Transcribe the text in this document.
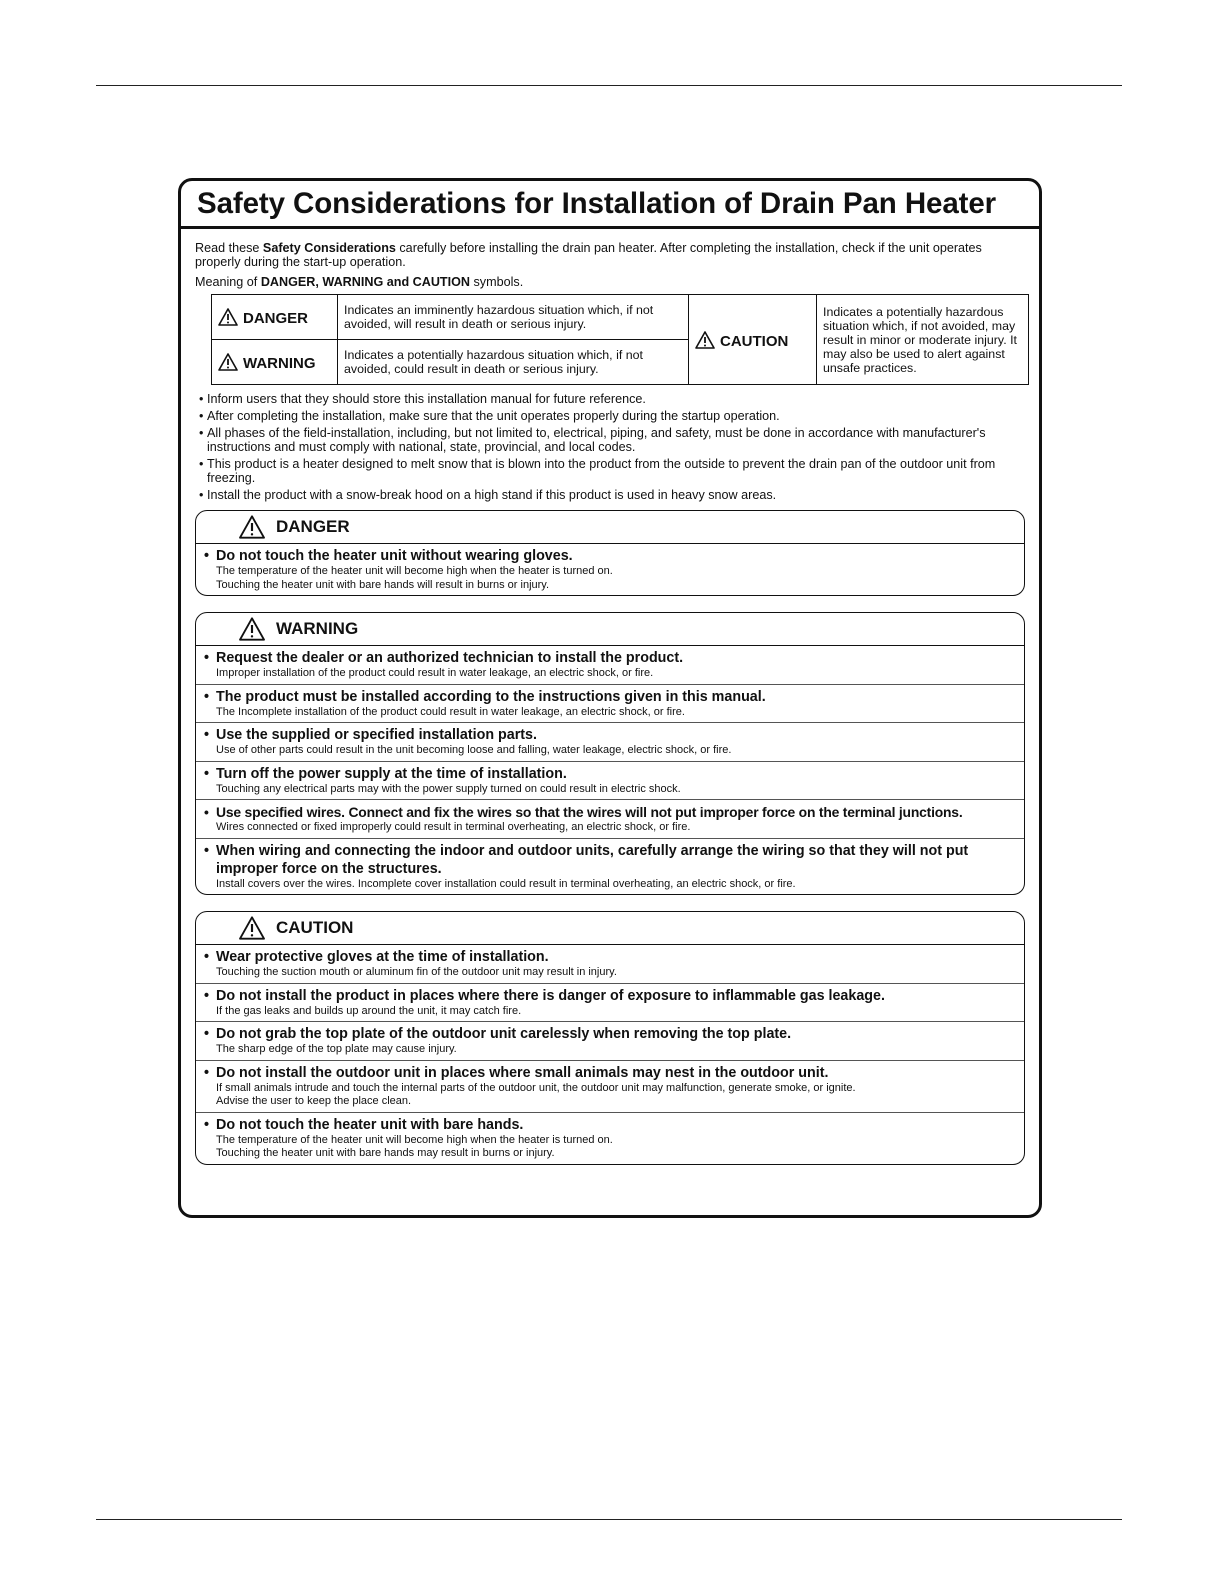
Safety Considerations for Installation of Drain Pan Heater

Read these Safety Considerations carefully before installing the drain pan heater. After completing the installation, check if the unit operates properly during the start-up operation.

Meaning of DANGER, WARNING and CAUTION symbols.

DANGER	Indicates an imminently hazardous situation which, if not avoided, will result in death or serious injury.	CAUTION	Indicates a potentially hazardous situation which, if not avoided, may result in minor or moderate injury. It may also be used to alert against unsafe practices.
WARNING	Indicates a potentially hazardous situation which, if not avoided, could result in death or serious injury.		
• Inform users that they should store this installation manual for future reference.
• After completing the installation, make sure that the unit operates properly during the startup operation.
• All phases of the field-installation, including, but not limited to, electrical, piping, and safety, must be done in accordance with manufacturer's instructions and must comply with national, state, provincial, and local codes.
• This product is a heater designed to melt snow that is blown into the product from the outside to prevent the drain pan of the outdoor unit from freezing.
• Install the product with a snow-break hood on a high stand if this product is used in heavy snow areas.
DANGER
• Do not touch the heater unit without wearing gloves.
The temperature of the heater unit will become high when the heater is turned on.
Touching the heater unit with bare hands will result in burns or injury.
WARNING
• Request the dealer or an authorized technician to install the product.
Improper installation of the product could result in water leakage, an electric shock, or fire.
• The product must be installed according to the instructions given in this manual.
The Incomplete installation of the product could result in water leakage, an electric shock, or fire.
• Use the supplied or specified installation parts.
Use of other parts could result in the unit becoming loose and falling, water leakage, electric shock, or fire.
• Turn off the power supply at the time of installation.
Touching any electrical parts may with the power supply turned on could result in electric shock.
• Use specified wires. Connect and fix the wires so that the wires will not put improper force on the terminal junctions.
Wires connected or fixed improperly could result in terminal overheating, an electric shock, or fire.
• When wiring and connecting the indoor and outdoor units, carefully arrange the wiring so that they will not put improper force on the structures.
Install covers over the wires. Incomplete cover installation could result in terminal overheating, an electric shock, or fire.
CAUTION
• Wear protective gloves at the time of installation.
Touching the suction mouth or aluminum fin of the outdoor unit may result in injury.
• Do not install the product in places where there is danger of exposure to inflammable gas leakage.
If the gas leaks and builds up around the unit, it may catch fire.
• Do not grab the top plate of the outdoor unit carelessly when removing the top plate.
The sharp edge of the top plate may cause injury.
• Do not install the outdoor unit in places where small animals may nest in the outdoor unit.
If small animals intrude and touch the internal parts of the outdoor unit, the outdoor unit may malfunction, generate smoke, or ignite.
Advise the user to keep the place clean.
• Do not touch the heater unit with bare hands.
The temperature of the heater unit will become high when the heater is turned on.
Touching the heater unit with bare hands may result in burns or injury.
